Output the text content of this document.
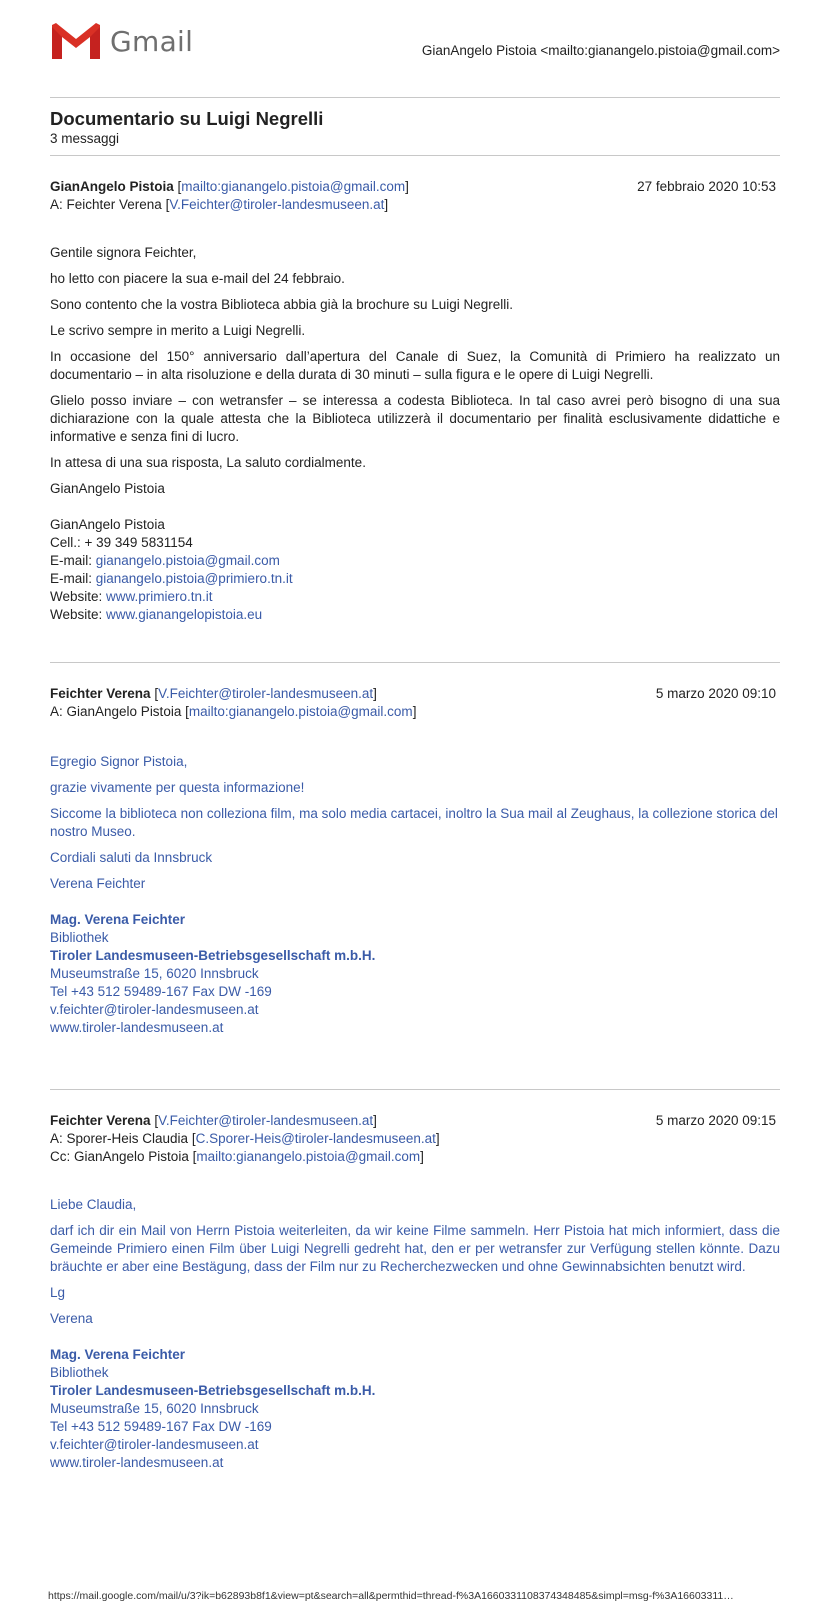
Gmail	GianAngelo Pistoia <mailto:gianangelo.pistoia@gmail.com>
Documentario su Luigi Negrelli
3 messaggi
GianAngelo Pistoia [mailto:gianangelo.pistoia@gmail.com]
A: Feichter Verena [V.Feichter@tiroler-landesmuseen.at]
27 febbraio 2020 10:53

Gentile signora Feichter,

ho letto con piacere la sua e-mail del 24 febbraio.

Sono contento che la vostra Biblioteca abbia già la brochure su Luigi Negrelli.

Le scrivo sempre in merito a Luigi Negrelli.

In occasione del 150° anniversario dall’apertura del Canale di Suez, la Comunità di Primiero ha realizzato un documentario – in alta risoluzione e della durata di 30 minuti – sulla figura e le opere di Luigi Negrelli.

Glielo posso inviare – con wetransfer – se interessa a codesta Biblioteca. In tal caso avrei però bisogno di una sua dichiarazione con la quale attesta che la Biblioteca utilizzerà il documentario per finalità esclusivamente didattiche e informative e senza fini di lucro.

In attesa di una sua risposta, La saluto cordialmente.

GianAngelo Pistoia

GianAngelo Pistoia
Cell.: + 39 349 5831154
E-mail: gianangelo.pistoia@gmail.com
E-mail: gianangelo.pistoia@primiero.tn.it
Website: www.primiero.tn.it
Website: www.gianangelopistoia.eu
Feichter Verena [V.Feichter@tiroler-landesmuseen.at]
A: GianAngelo Pistoia [mailto:gianangelo.pistoia@gmail.com]
5 marzo 2020 09:10

Egregio Signor Pistoia,

grazie vivamente per questa informazione!

Siccome la biblioteca non colleziona film, ma solo media cartacei, inoltro la Sua mail al Zeughaus, la collezione storica del nostro Museo.

Cordiali saluti da Innsbruck

Verena Feichter

Mag. Verena Feichter
Bibliothek
Tiroler Landesmuseen-Betriebsgesellschaft m.b.H.
Museumstraße 15, 6020 Innsbruck
Tel +43 512 59489-167 Fax DW -169
v.feichter@tiroler-landesmuseen.at
www.tiroler-landesmuseen.at
Feichter Verena [V.Feichter@tiroler-landesmuseen.at]
A: Sporer-Heis Claudia [C.Sporer-Heis@tiroler-landesmuseen.at]
Cc: GianAngelo Pistoia [mailto:gianangelo.pistoia@gmail.com]
5 marzo 2020 09:15

Liebe Claudia,

darf ich dir ein Mail von Herrn Pistoia weiterleiten, da wir keine Filme sammeln. Herr Pistoia hat mich informiert, dass die Gemeinde Primiero einen Film über Luigi Negrelli gedreht hat, den er per wetransfer zur Verfügung stellen könnte. Dazu bräuchte er aber eine Bestägung, dass der Film nur zu Recherchezwecken und ohne Gewinnabsichten benutzt wird.

Lg

Verena

Mag. Verena Feichter
Bibliothek
Tiroler Landesmuseen-Betriebsgesellschaft m.b.H.
Museumstraße 15, 6020 Innsbruck
Tel +43 512 59489-167 Fax DW -169
v.feichter@tiroler-landesmuseen.at
www.tiroler-landesmuseen.at
https://mail.google.com/mail/u/3?ik=b62893b8f1&view=pt&search=all&permthid=thread-f%3A1660331108374348485&simpl=msg-f%3A16603311…
